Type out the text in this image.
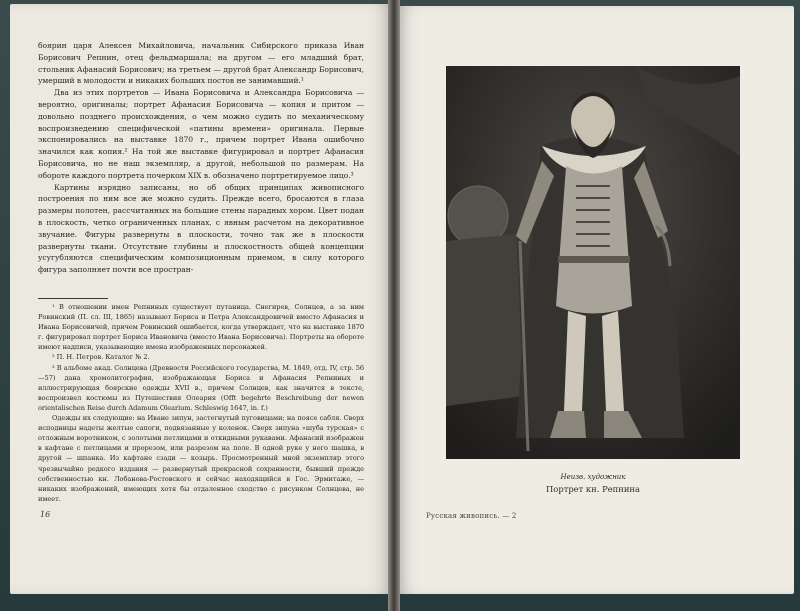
боярин царя Алексея Михайловича, начальник Сибирского приказа Иван Борисович Репнин, отец фельдмаршала; на другом — его младший брат, стольник Афанасий Борисович; на третьем — другой брат Александр Борисович, умерший в молодости и никаких больших постов не занимавший.¹

Два из этих портретов — Ивана Борисовича и Александра Борисовича — вероятно, оригиналы; портрет Афанасия Борисовича — копия и притом — довольно позднего происхождения, о чем можно судить по механическому воспроизведению специфической «патины времени» оригинала. Первые экспонировались на выставке 1870 г., причем портрет Ивана ошибочно значился как копия.² На той же выставке фигурировал и портрет Афанасия Борисовича, но не наш экземпляр, а другой, небольшой по размерам. На обороте каждого портрета почерком XIX в. обозначено портретируемое лицо.³

Картины изрядно записаны, но об общих принципах живописного построения по ним все же можно судить. Прежде всего, бросаются в глаза размеры полотен, рассчитанных на большие стены парадных хором. Цвет подан в плоскость, четко ограниченных планах, с явным расчетом на декоративное звучание. Фигуры развернуты в плоскости, точно так же в плоскости развернуты ткани. Отсутствие глубины и плоскостность общей концепции усугубляются специфическим композиционным приемом, в силу которого фигура заполняет почти все простран-

¹ В отношении имен Репниных существует путаница. Снегирев, Солнцев, а за ним Ровинский (П. сл. III, 1865) называют Бориса и Петра Александровичей вместо Афанасия и Ивана Борисовичей, причем Ровинский ошибается, когда утверждает, что на выставке 1870 г. фигурировал портрет Бориса Ивановича (вместо Ивана Борисовича). Портреты на обороте имеют надписи, указывающие имена изображенных персонажей.

² П. Н. Петров. Каталог № 2.

³ В альбоме акад. Солнцева (Древности Российского государства, М. 1849, отд. IV, стр. 56—57) дана хромолитография, изображающая Бориса и Афанасия Репниных и иллюстрирующая боярские одежды XVII в., причем Солнцев, как значится в тексте, воспроизвел костюмы из Путешествия Олеария (Offt begehrte Beschreibung der newen orientalischen Reise durch Adamum Olearium. Schleswig 1647, in. f.)

Одежды их следующие: на Иване зипун, застегнутый пуговицами; на поясе сабля. Сверх исподницы надеты желтые сапоги, подвязанные у коленок. Сверх зипуна «шуба турская» с отложным воротником, с золотыми петлицами и откидными рукавами. Афанасий изображен в кафтане с петлицами и прорезом, или разрезом на поле. В одной руке у него шашка, в другой — шпанка. Из кафтане сзади — козырь. Просмотренный мной экземпляр этого чрезвычайно редкого издания — развернутый прекрасной сохранности, бывший прежде собственностью кн. Лобанова-Ростовского и сейчас находящийся в Гос. Эрмитаже, — никаких изображений, имеющих хотя бы отдаленное сходство с рисунком Солнцева, не имеет.

16
Неизв. художник
Портрет кн. Репнина
Русская живопись. — 2
